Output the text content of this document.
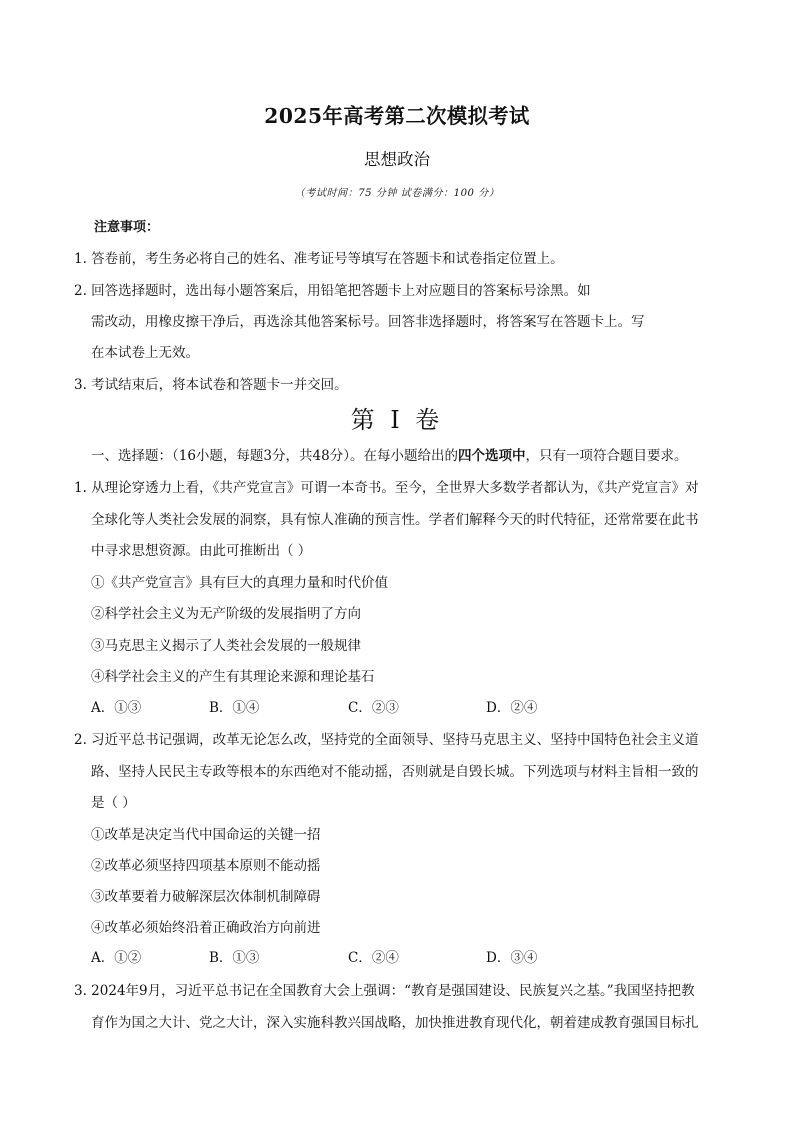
2025年高考第二次模拟考试
思想政治
（考试时间：75 分钟 试卷满分：100 分）
注意事项：
1. 答卷前，考生务必将自己的姓名、准考证号等填写在答题卡和试卷指定位置上。
2. 回答选择题时，选出每小题答案后，用铅笔把答题卡上对应题目的答案标号涂黑。如
需改动，用橡皮擦干净后，再选涂其他答案标号。回答非选择题时，将答案写在答题卡上。写
在本试卷上无效。
3. 考试结束后，将本试卷和答题卡一并交回。
第 I 卷
一、选择题：（16小题，每题3分，共48分）。在每小题给出的四个选项中，只有一项符合题目要求。
1. 从理论穿透力上看，《共产党宣言》可谓一本奇书。至今，全世界大多数学者都认为，《共产党宣言》对
全球化等人类社会发展的洞察，具有惊人准确的预言性。学者们解释今天的时代特征，还常常要在此书
中寻求思想资源。由此可推断出（ ）
①《共产党宣言》具有巨大的真理力量和时代价值
②科学社会主义为无产阶级的发展指明了方向
③马克思主义揭示了人类社会发展的一般规律
④科学社会主义的产生有其理论来源和理论基石
A．①③	B．①④	C．②③	D．②④
2. 习近平总书记强调，改革无论怎么改，坚持党的全面领导、坚持马克思主义、坚持中国特色社会主义道
路、坚持人民民主专政等根本的东西绝对不能动摇，否则就是自毁长城。下列选项与材料主旨相一致的
是（ ）
①改革是决定当代中国命运的关键一招
②改革必须坚持四项基本原则不能动摇
③改革要着力破解深层次体制机制障碍
④改革必须始终沿着正确政治方向前进
A．①②	B．①③	C．②④	D．③④
3. 2024年9月，习近平总书记在全国教育大会上强调：“教育是强国建设、民族复兴之基。”我国坚持把教
育作为国之大计、党之大计，深入实施科教兴国战略，加快推进教育现代化，朝着建成教育强国目标扎
